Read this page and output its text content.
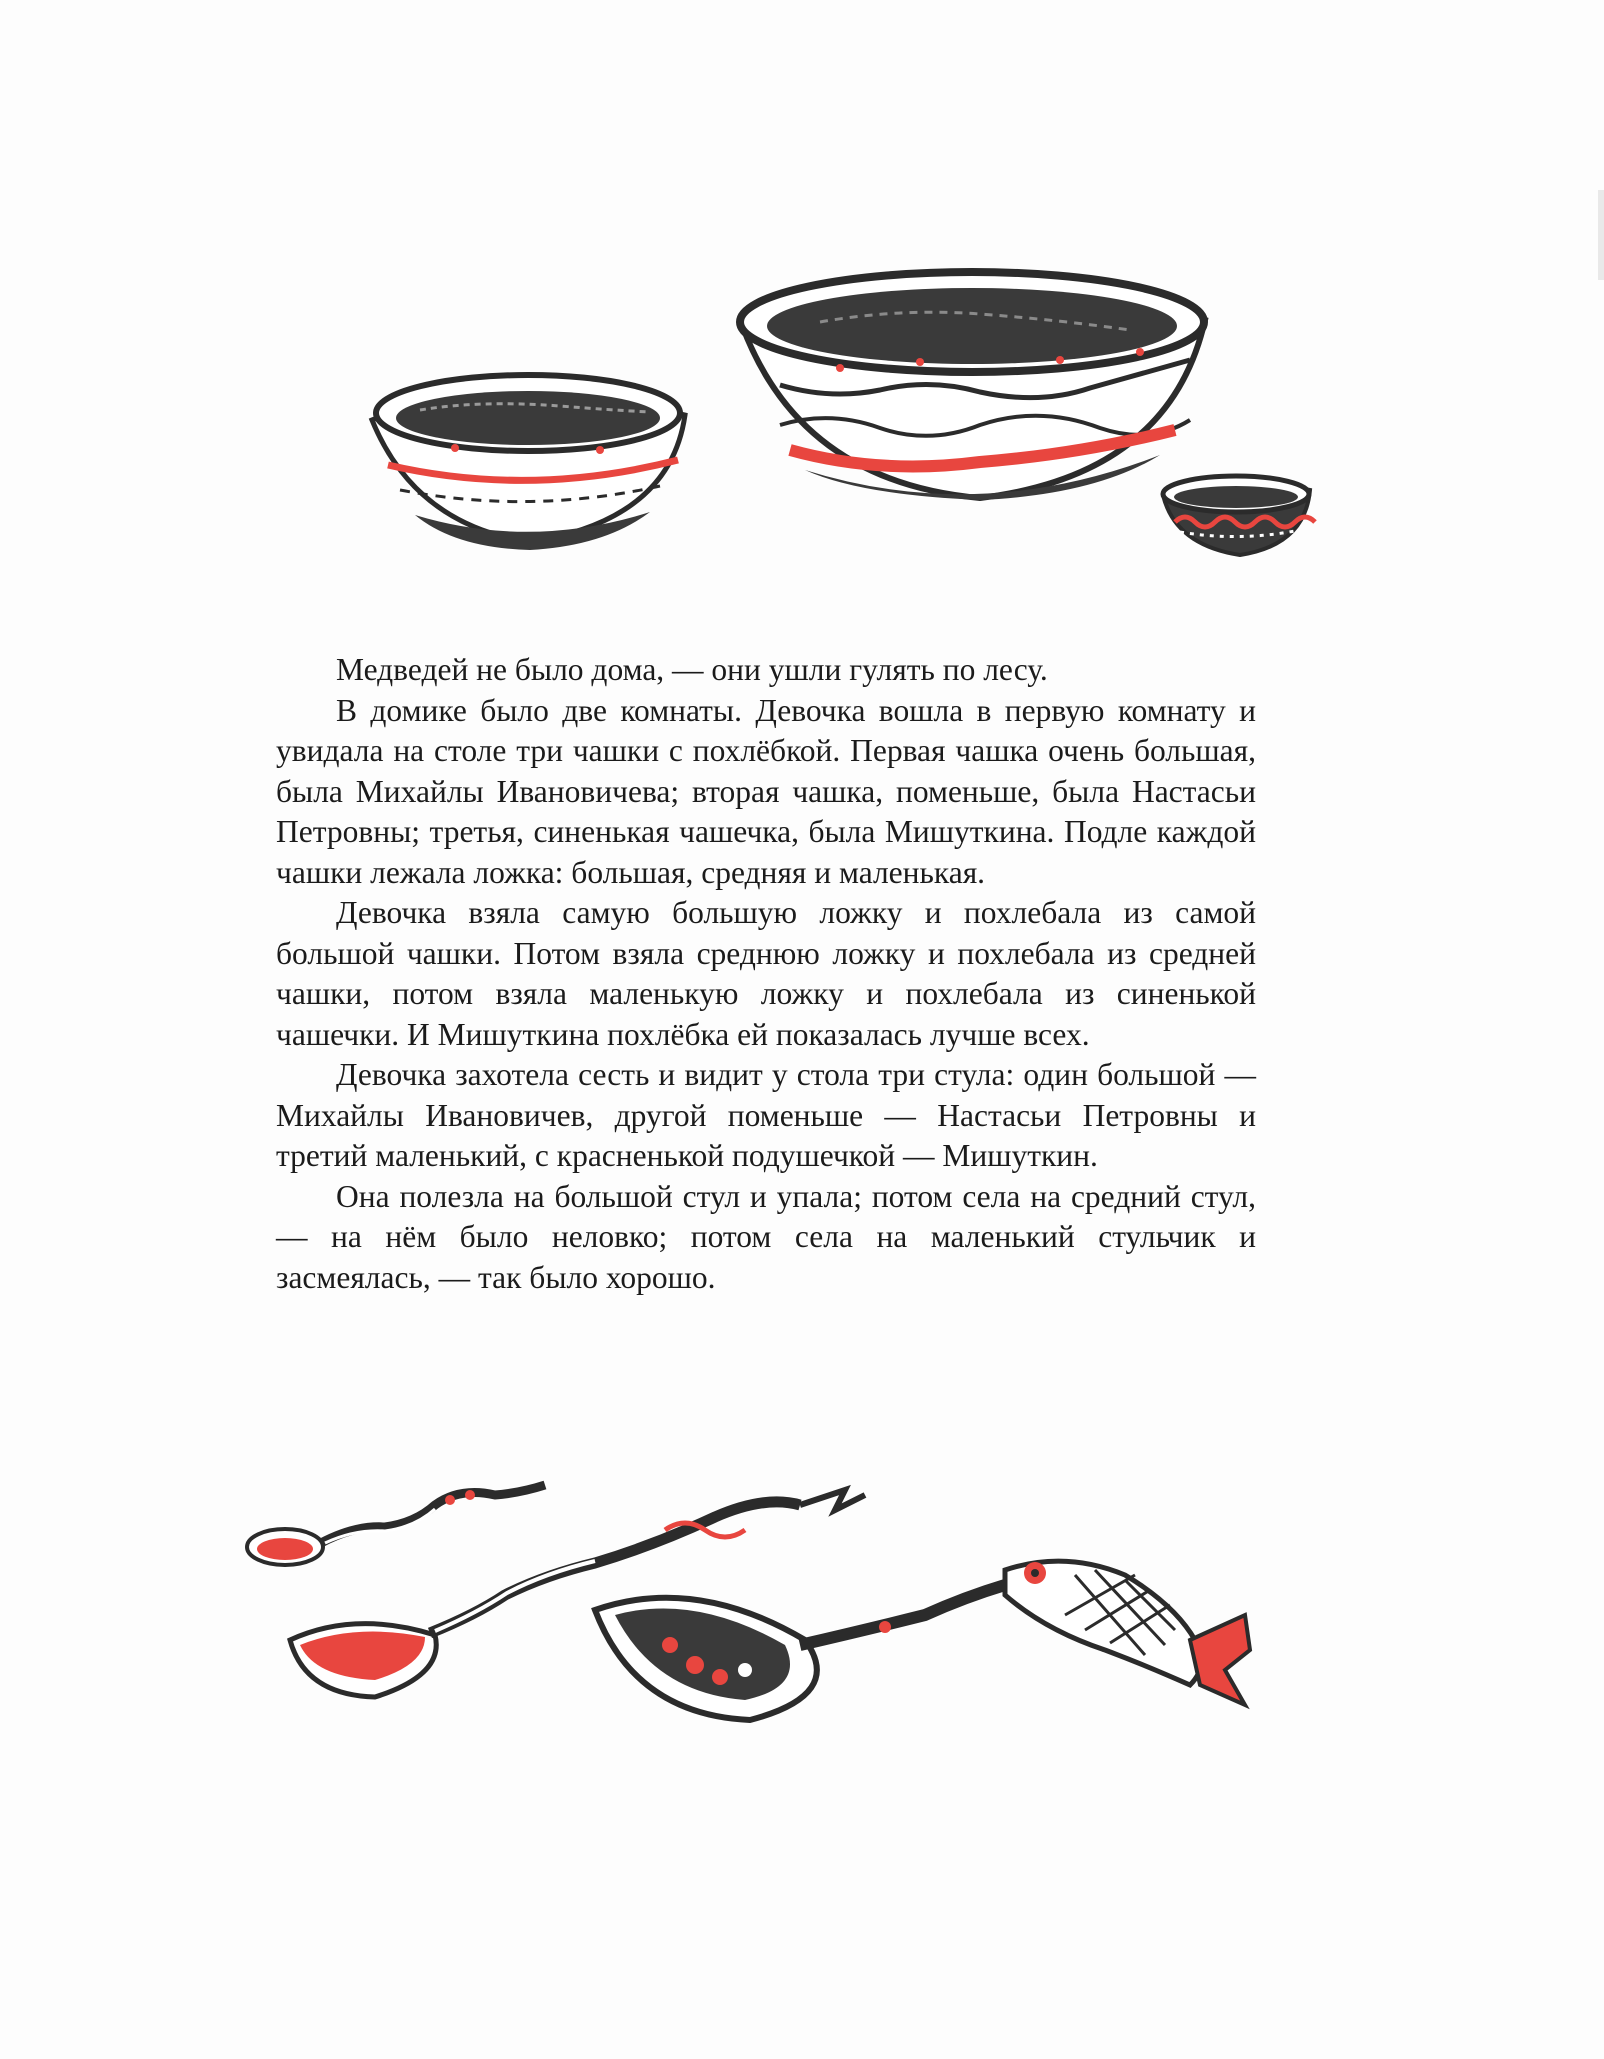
Медведей не было дома, — они ушли гулять по лесу.

В домике было две комнаты. Девочка вошла в первую комнату и увидала на столе три чашки с похлёбкой. Первая чашка очень большая, была Михайлы Ивановичева; вторая чашка, поменьше, была Настасьи Петровны; третья, синенькая чашечка, была Мишуткина. Подле каждой чашки лежала ложка: большая, средняя и маленькая.

Девочка взяла самую большую ложку и похлебала из самой большой чашки. Потом взяла среднюю ложку и похлебала из средней чашки, потом взяла маленькую ложку и похлебала из синенькой чашечки. И Мишуткина похлёбка ей показалась лучше всех.

Девочка захотела сесть и видит у стола три стула: один большой — Михайлы Ивановичев, другой поменьше — Настасьи Петровны и третий маленький, с красненькой подушечкой — Мишуткин.

Она полезла на большой стул и упала; потом села на средний стул, — на нём было неловко; потом села на маленький стульчик и засмеялась, — так было хорошо.
